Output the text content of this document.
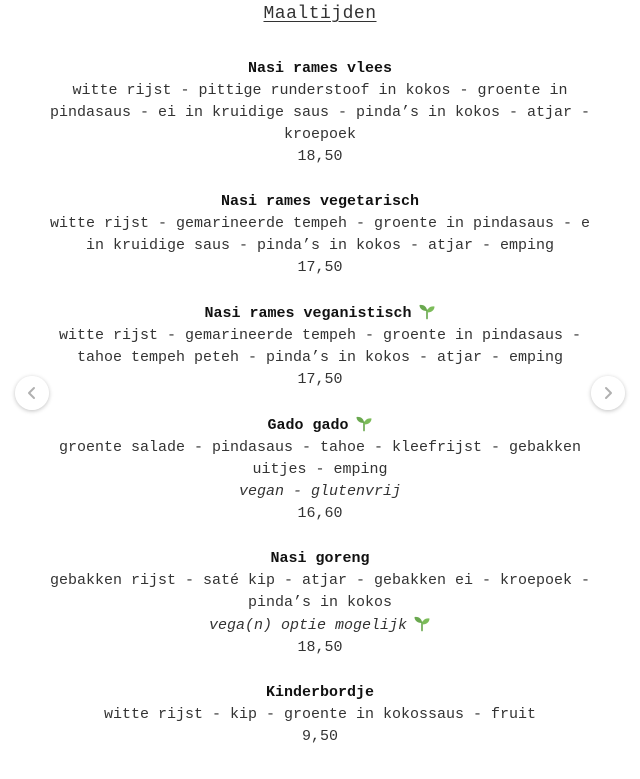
Maaltijden
Nasi rames vlees
witte rijst - pittige runderstoof in kokos - groente in
pindasaus - ei in kruidige saus - pinda’s in kokos - atjar -
kroepoek
18,50
Nasi rames vegetarisch
witte rijst - gemarineerde tempeh - groente in pindasaus - e
in kruidige saus - pinda’s in kokos - atjar - emping
17,50
Nasi rames veganistisch
witte rijst - gemarineerde tempeh - groente in pindasaus -
tahoe tempeh peteh - pinda’s in kokos - atjar - emping
17,50
Gado gado
groente salade - pindasaus - tahoe - kleefrijst - gebakken
uitjes - emping
vegan - glutenvrij
16,60
Nasi goreng
gebakken rijst - saté kip - atjar - gebakken ei - kroepoek -
pinda’s in kokos
vega(n) optie mogelijk
18,50
Kinderbordje
witte rijst - kip - groente in kokossaus - fruit
9,50
